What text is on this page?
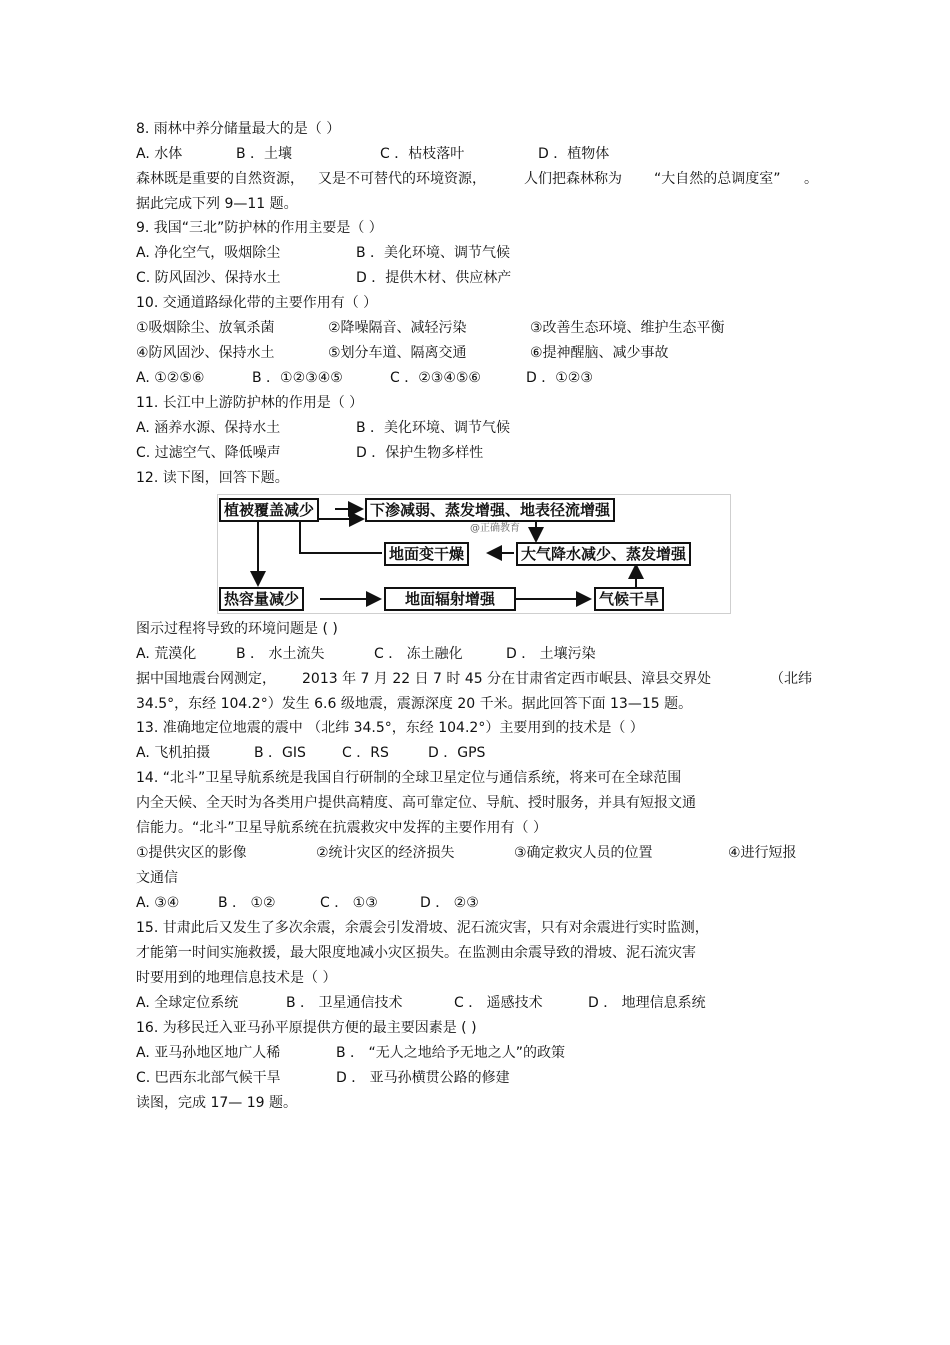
8. 雨林中养分储量最大的是（ ）
A. 水体	B ．土壤	C ．枯枝落叶	D ．植物体
森林既是重要的自然资源， 又是不可替代的环境资源，	人们把森林称为 “大自然的总调度室” 。
据此完成下列 9—11 题。
9. 我国“三北”防护林的作用主要是（ ）
A. 净化空气，吸烟除尘	B ．美化环境、调节气候
C. 防风固沙、保持水土	D ．提供木材、供应林产
10. 交通道路绿化带的主要作用有（ ）
①吸烟除尘、放氧杀菌	②降噪隔音、减轻污染	③改善生态环境、维护生态平衡
④防风固沙、保持水土	⑤划分车道、隔离交通	⑥提神醒脑、减少事故
A. ①②⑤⑥	B ．①②③④⑤	C ．②③④⑤⑥	D ．①②③
11. 长江中上游防护林的作用是（ ）
A. 涵养水源、保持水土	B ．美化环境、调节气候
C. 过滤空气、降低噪声	D ．保护生物多样性
12. 读下图，回答下题。
植被覆盖减少	下渗减弱、蒸发增强、地表径流增强
@正确教育
地面变干燥	大气降水减少、蒸发增强
热容量减少	地面辐射增强	气候干旱
图示过程将导致的环境问题是 ( )
A. 荒漠化	B ． 水土流失	C ． 冻土融化	D ． 土壤污染
据中国地震台网测定， 2013 年 7 月 22 日 7 时 45 分在甘肃省定西市岷县、漳县交界处	（北纬
34.5°，东经 104.2°）发生 6.6 级地震，震源深度 20 千米。据此回答下面 13—15 题。
13. 准确地定位地震的震中 （北纬 34.5°，东经 104.2°）主要用到的技术是（ ）
A. 飞机拍摄	B ．GIS	C ．RS	D ．GPS
14. “北斗”卫星导航系统是我国自行研制的全球卫星定位与通信系统，将来可在全球范围
内全天候、全天时为各类用户提供高精度、高可靠定位、导航、授时服务，并具有短报文通
信能力。“北斗”卫星导航系统在抗震救灾中发挥的主要作用有（ ）
①提供灾区的影像	②统计灾区的经济损失	③确定救灾人员的位置	④进行短报
文通信
A. ③④	B ． ①②	C ． ①③	D ． ②③
15. 甘肃此后又发生了多次余震，余震会引发滑坡、泥石流灾害，只有对余震进行实时监测，
才能第一时间实施救援，最大限度地减小灾区损失。在监测由余震导致的滑坡、泥石流灾害
时要用到的地理信息技术是（ ）
A. 全球定位系统	B ． 卫星通信技术	C ． 遥感技术	D ． 地理信息系统
16. 为移民迁入亚马孙平原提供方便的最主要因素是 ( )
A. 亚马孙地区地广人稀	B ． “无人之地给予无地之人”的政策
C. 巴西东北部气候干旱	D ． 亚马孙横贯公路的修建
读图，完成 17— 19 题。
